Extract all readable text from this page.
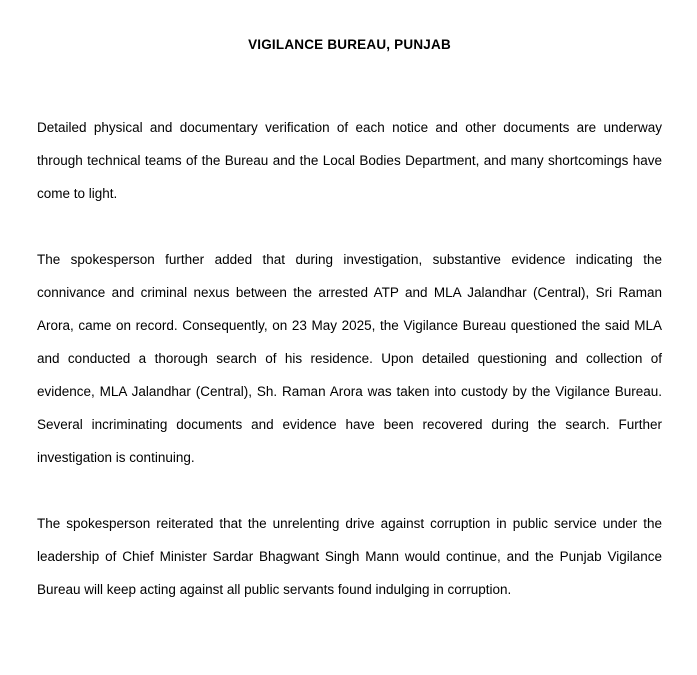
VIGILANCE BUREAU, PUNJAB

Detailed physical and documentary verification of each notice and other documents are underway through technical teams of the Bureau and the Local Bodies Department, and many shortcomings have come to light.

The spokesperson further added that during investigation, substantive evidence indicating the connivance and criminal nexus between the arrested ATP and MLA Jalandhar (Central), Sri Raman Arora, came on record. Consequently, on 23 May 2025, the Vigilance Bureau questioned the said MLA and conducted a thorough search of his residence. Upon detailed questioning and collection of evidence, MLA Jalandhar (Central), Sh. Raman Arora was taken into custody by the Vigilance Bureau. Several incriminating documents and evidence have been recovered during the search. Further investigation is continuing.

The spokesperson reiterated that the unrelenting drive against corruption in public service under the leadership of Chief Minister Sardar Bhagwant Singh Mann would continue, and the Punjab Vigilance Bureau will keep acting against all public servants found indulging in corruption.
